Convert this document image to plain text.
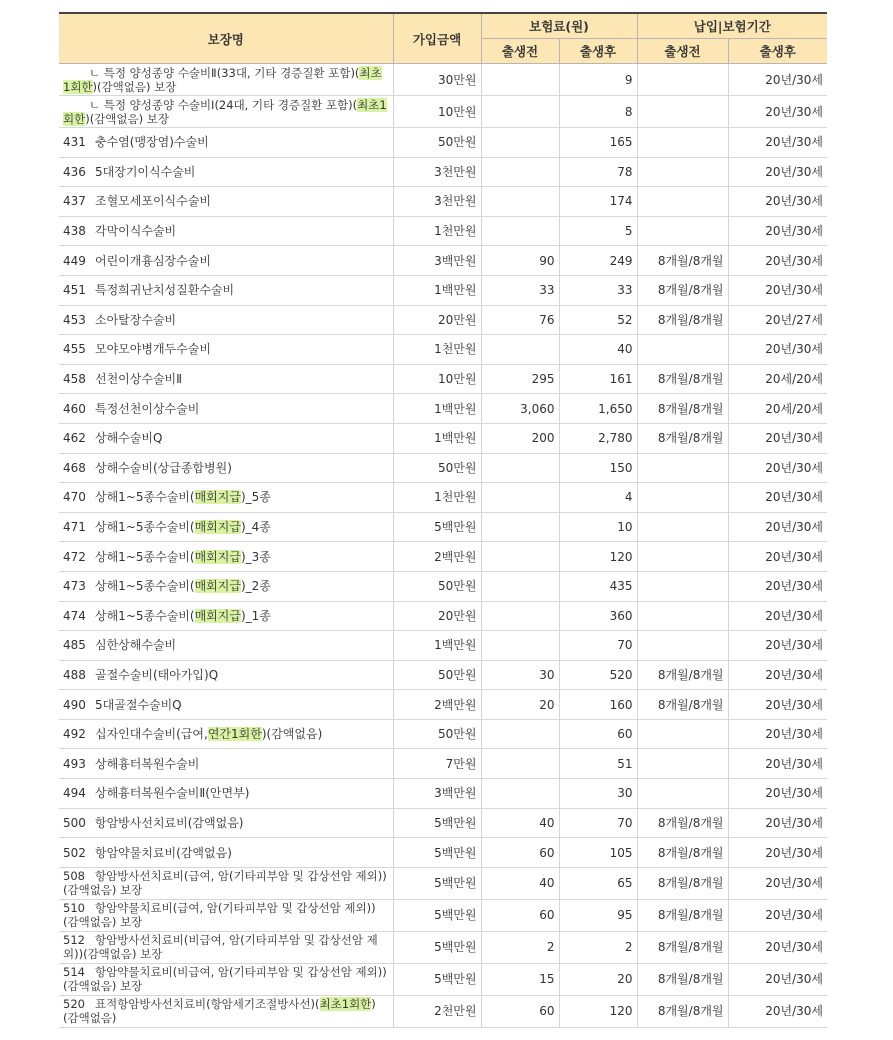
보장명	가입금액	보험료(원)		납입|보험기간	
		출생전	출생후	출생전	출생후
ㄴ 특정 양성종양 수술비Ⅱ(33대, 기타 경증질환 포함)(최초1회한)(감액없음) 보장	30만원		9		20년/30세
ㄴ 특정 양성종양 수술비Ⅰ(24대, 기타 경증질환 포함)(최초1회한)(감액없음) 보장	10만원		8		20년/30세
431 충수염(맹장염)수술비	50만원		165		20년/30세
436 5대장기이식수술비	3천만원		78		20년/30세
437 조혈모세포이식수술비	3천만원		174		20년/30세
438 각막이식수술비	1천만원		5		20년/30세
449 어린이개흉심장수술비	3백만원	90	249	8개월/8개월	20년/30세
451 특정희귀난치성질환수술비	1백만원	33	33	8개월/8개월	20년/30세
453 소아탈장수술비	20만원	76	52	8개월/8개월	20년/27세
455 모야모야병개두수술비	1천만원		40		20년/30세
458 선천이상수술비Ⅱ	10만원	295	161	8개월/8개월	20세/20세
460 특정선천이상수술비	1백만원	3,060	1,650	8개월/8개월	20세/20세
462 상해수술비Q	1백만원	200	2,780	8개월/8개월	20년/30세
468 상해수술비(상급종합병원)	50만원		150		20년/30세
470 상해1~5종수술비(매회지급)_5종	1천만원		4		20년/30세
471 상해1~5종수술비(매회지급)_4종	5백만원		10		20년/30세
472 상해1~5종수술비(매회지급)_3종	2백만원		120		20년/30세
473 상해1~5종수술비(매회지급)_2종	50만원		435		20년/30세
474 상해1~5종수술비(매회지급)_1종	20만원		360		20년/30세
485 심한상해수술비	1백만원		70		20년/30세
488 골절수술비(태아가입)Q	50만원	30	520	8개월/8개월	20년/30세
490 5대골절수술비Q	2백만원	20	160	8개월/8개월	20년/30세
492 십자인대수술비(급여,연간1회한)(감액없음)	50만원		60		20년/30세
493 상해흉터복원수술비	7만원		51		20년/30세
494 상해흉터복원수술비Ⅱ(안면부)	3백만원		30		20년/30세
500 항암방사선치료비(감액없음)	5백만원	40	70	8개월/8개월	20년/30세
502 항암약물치료비(감액없음)	5백만원	60	105	8개월/8개월	20년/30세
508 항암방사선치료비(급여, 암(기타피부암 및 갑상선암 제외))(감액없음) 보장	5백만원	40	65	8개월/8개월	20년/30세
510 항암약물치료비(급여, 암(기타피부암 및 갑상선암 제외))(감액없음) 보장	5백만원	60	95	8개월/8개월	20년/30세
512 항암방사선치료비(비급여, 암(기타피부암 및 갑상선암 제외))(감액없음) 보장	5백만원	2	2	8개월/8개월	20년/30세
514 항암약물치료비(비급여, 암(기타피부암 및 갑상선암 제외))(감액없음) 보장	5백만원	15	20	8개월/8개월	20년/30세
520 표적항암방사선치료비(항암세기조절방사선)(최초1회한)(감액없음)	2천만원	60	120	8개월/8개월	20년/30세
